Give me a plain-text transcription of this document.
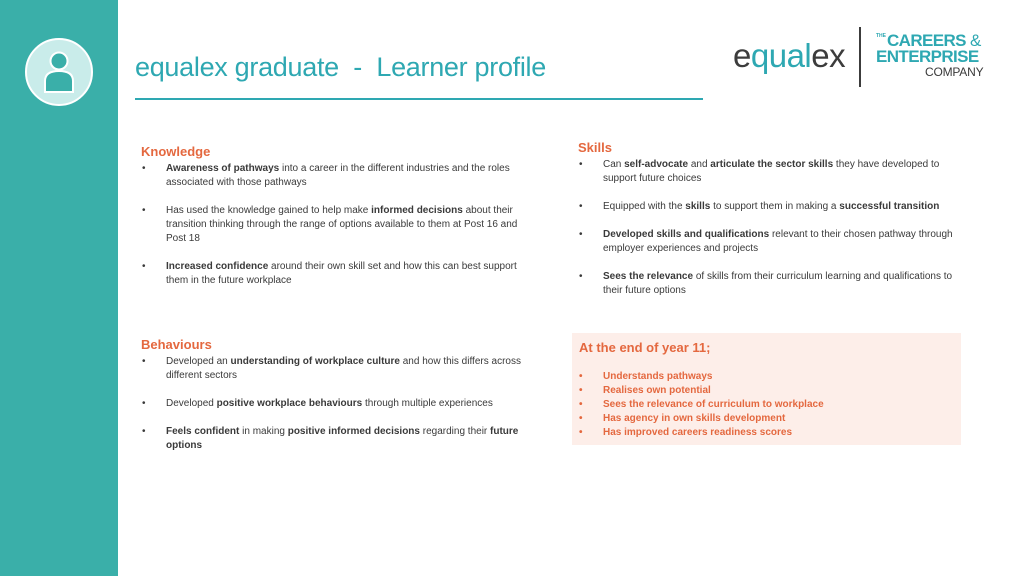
equalex graduate  -  Learner profile	equalex
THE CAREERS &
ENTERPRISE
COMPANY
Knowledge
• Awareness of pathways into a career in the different industries and the roles associated with those pathways
• Has used the knowledge gained to help make informed decisions about their transition thinking through the range of options available to them at Post 16 and Post 18
• Increased confidence around their own skill set and how this can best support them in the future workplace
Skills
• Can self-advocate and articulate the sector skills they have developed to support future choices
• Equipped with the skills to support them in making a successful transition
• Developed skills and qualifications relevant to their chosen pathway through employer experiences and projects
• Sees the relevance of skills from their curriculum learning and qualifications to their future options
Behaviours
• Developed an understanding of workplace culture and how this differs across different sectors
• Developed positive workplace behaviours through multiple experiences
• Feels confident in making positive informed decisions regarding their future options
At the end of year 11;
• Understands pathways
• Realises own potential
• Sees the relevance of curriculum to workplace
• Has agency in own skills development
• Has improved careers readiness scores
